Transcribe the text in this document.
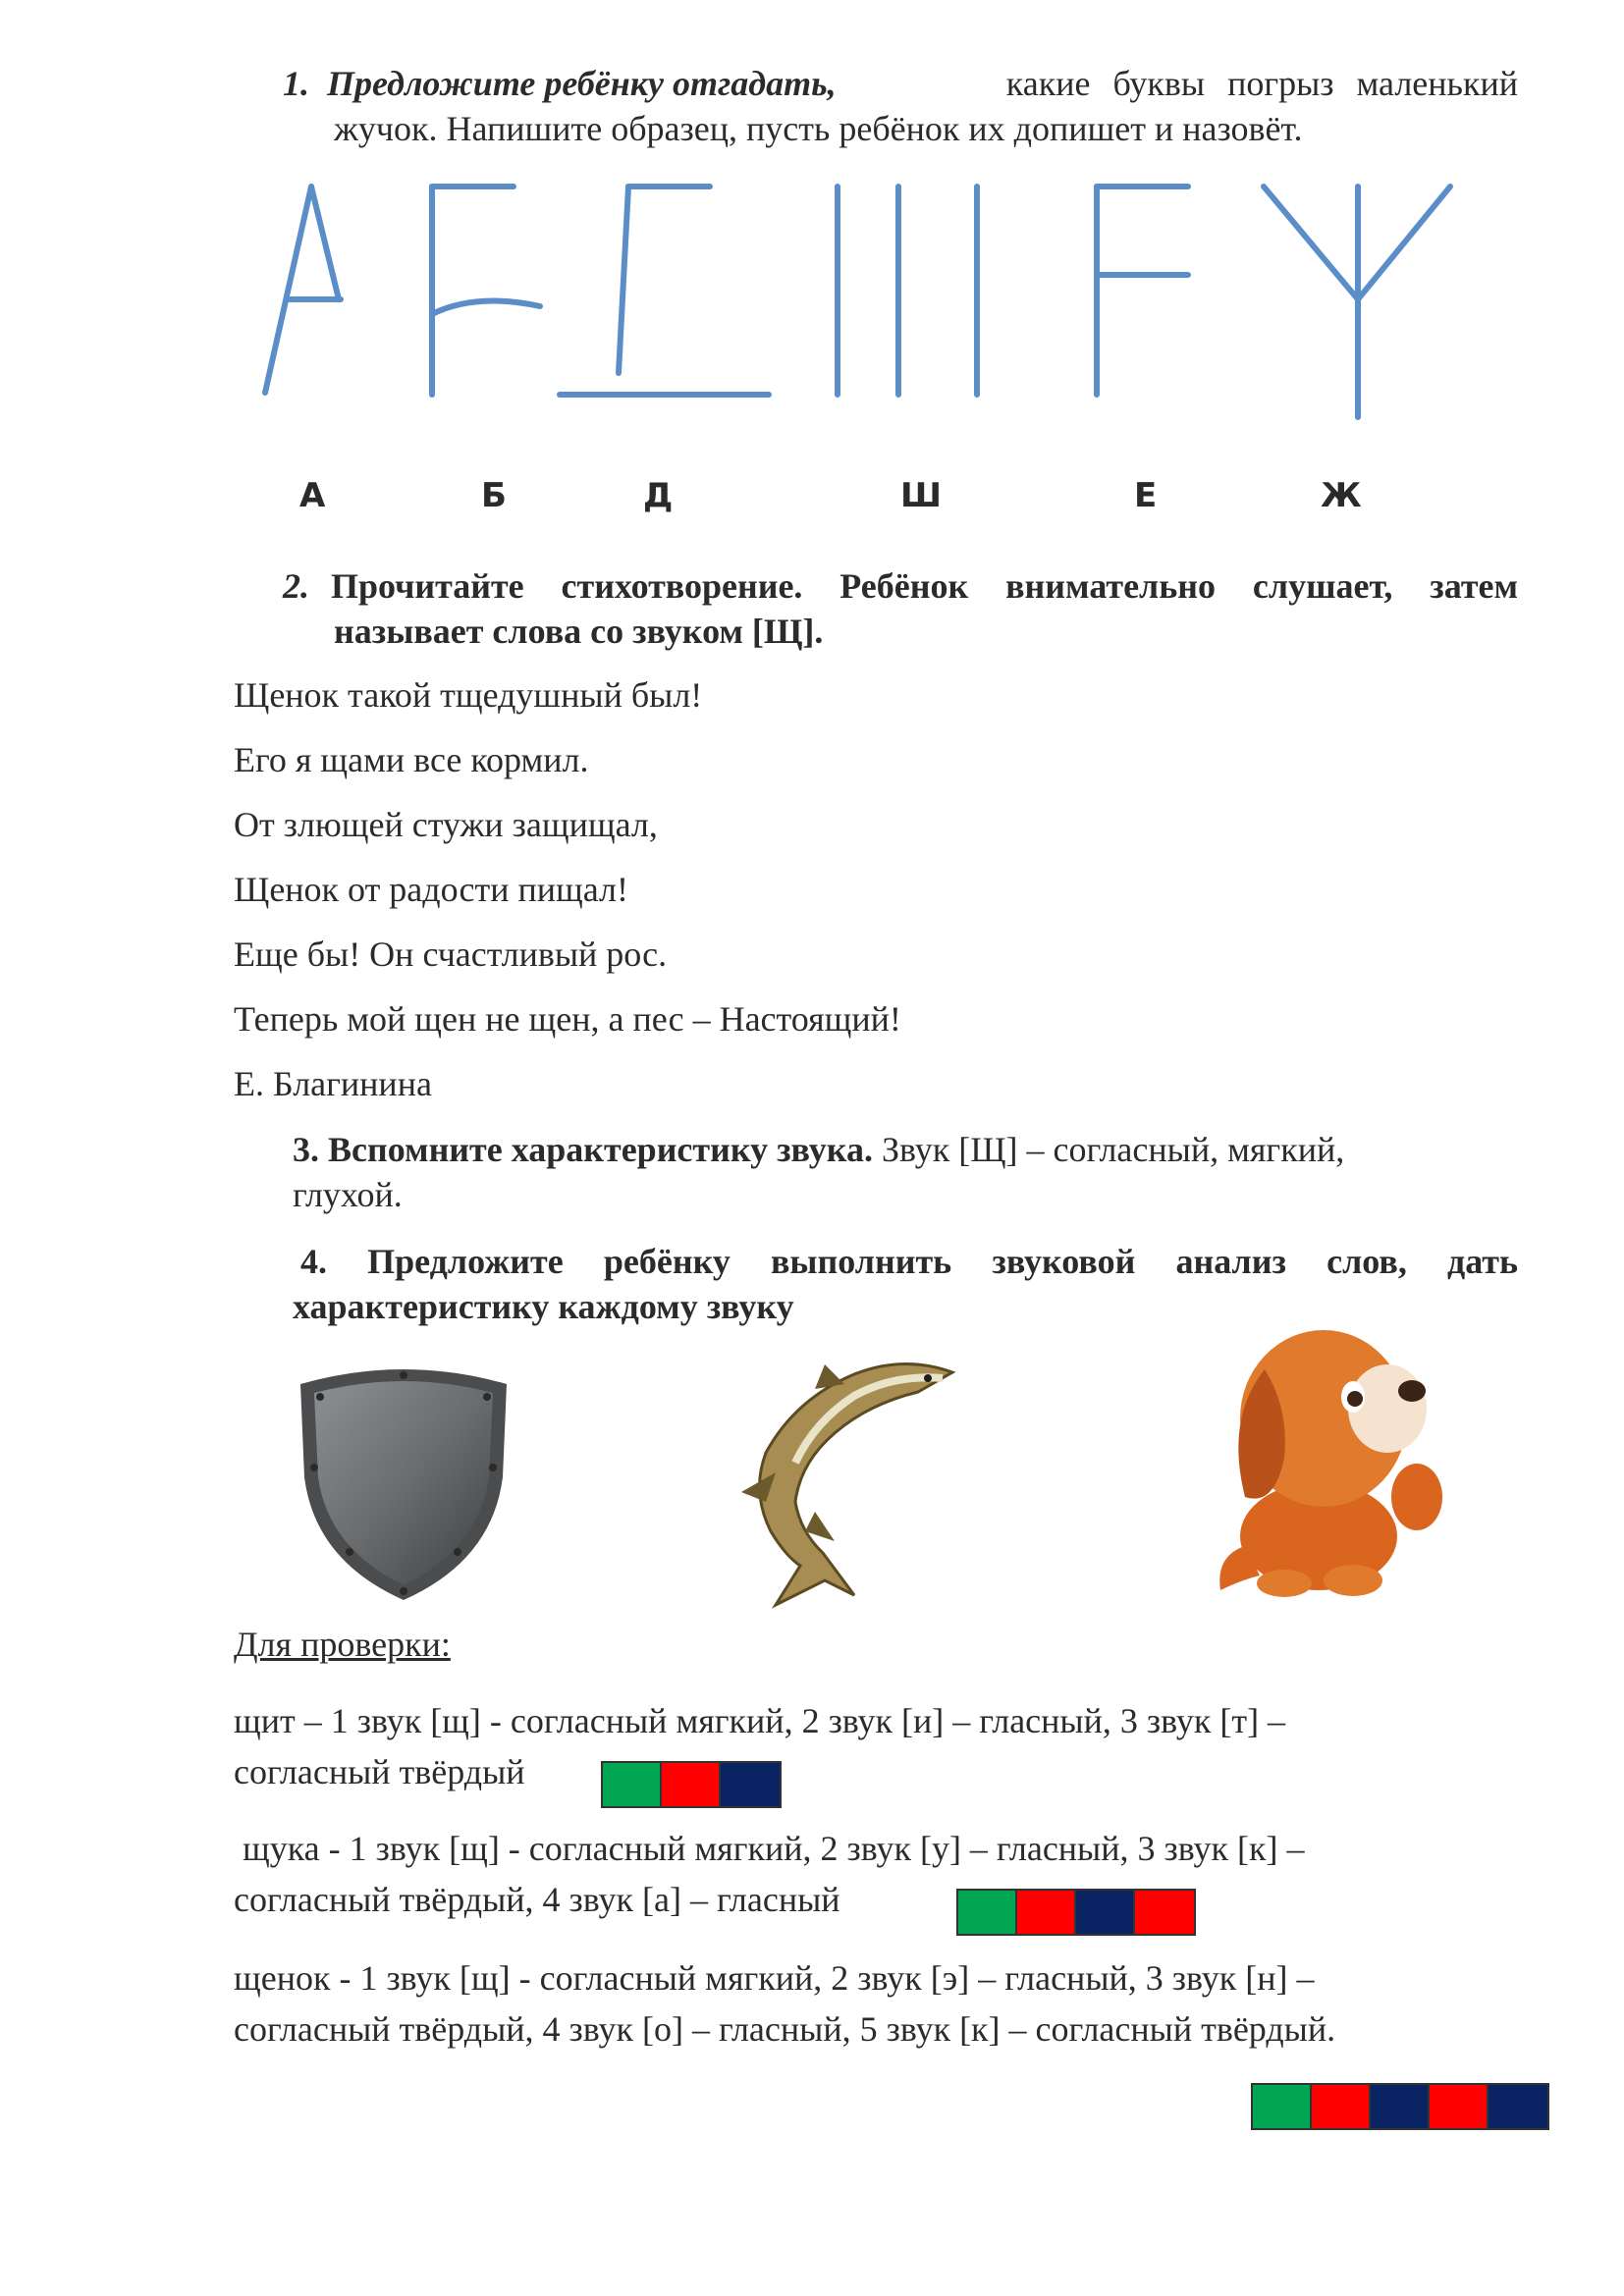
1. Предложите ребёнку отгадать,	какие буквы погрыз маленький
жучок. Напишите образец, пусть ребёнок их допишет и назовёт.
А	Б	Д	Ш	Е	Ж
2. Прочитайте стихотворение. Ребёнок внимательно слушает, затем
называет слова со звуком [Щ].
Щенок такой тщедушный был!
Его я щами все кормил.
От злющей стужи защищал,
Щенок от радости пищал!
Еще бы! Он счастливый рос.
Теперь мой щен не щен, а пес – Настоящий!
Е. Благинина
3. Вспомните характеристику звука. Звук [Щ] – согласный, мягкий,
глухой.
4. Предложите ребёнку выполнить звуковой анализ слов, дать
характеристику каждому звуку
Для проверки:
щит – 1 звук [щ] - согласный мягкий, 2 звук [и] – гласный, 3 звук [т] –
согласный твёрдый
щука - 1 звук [щ] - согласный мягкий, 2 звук [у] – гласный, 3 звук [к] –
согласный твёрдый, 4 звук [а] – гласный
щенок - 1 звук [щ] - согласный мягкий, 2 звук [э] – гласный, 3 звук [н] –
согласный твёрдый, 4 звук [о] – гласный, 5 звук [к] – согласный твёрдый.
